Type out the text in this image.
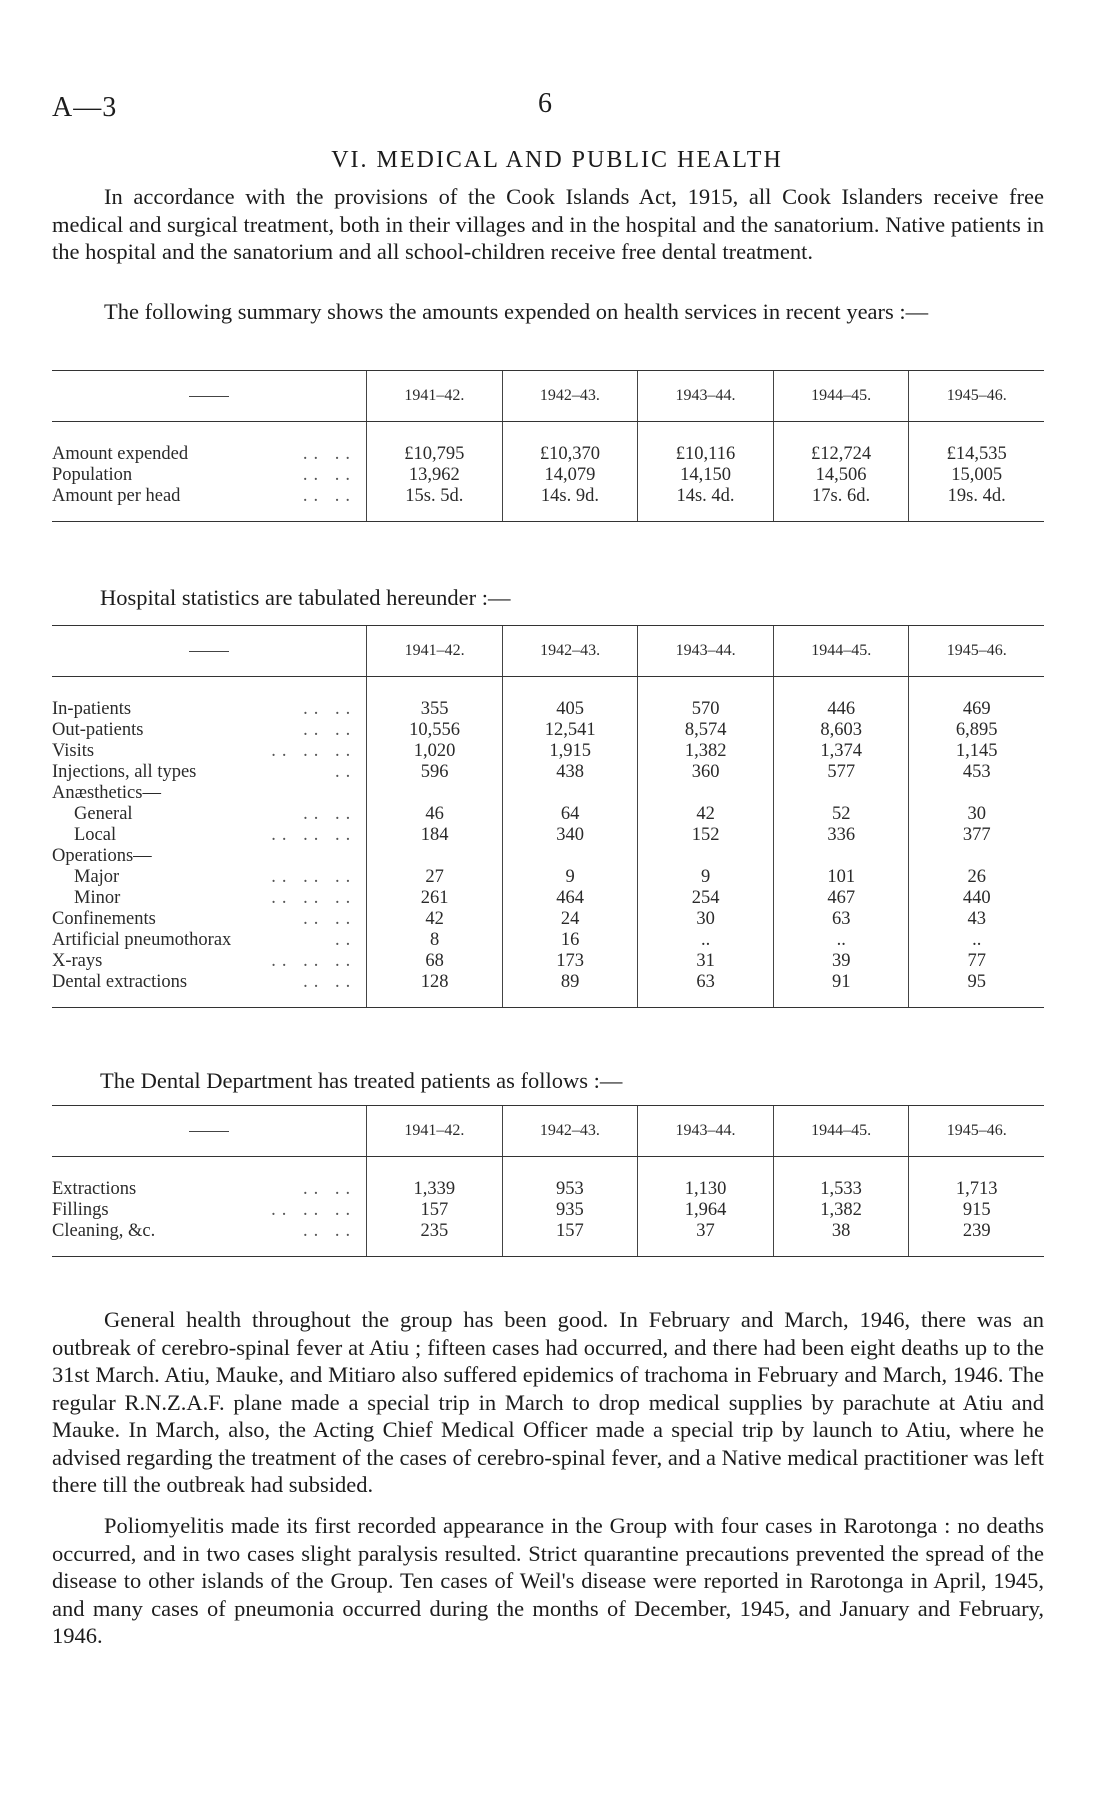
A—3	6
VI. MEDICAL AND PUBLIC HEALTH

In accordance with the provisions of the Cook Islands Act, 1915, all Cook Islanders receive free medical and surgical treatment, both in their villages and in the hospital and the sanatorium. Native patients in the hospital and the sanatorium and all school-children receive free dental treatment.

The following summary shows the amounts expended on health services in recent years :—

	1941–42.	1942–43.	1943–44.	1944–45.	1945–46.

.. ..
Amount expended	£10,795	£10,370	£10,116	£12,724	£14,535

.. ..
Population	13,962	14,079	14,150	14,506	15,005

.. ..
Amount per head	15s. 5d.	14s. 9d.	14s. 4d.	17s. 6d.	19s. 4d.

Hospital statistics are tabulated hereunder :—

	1941–42.	1942–43.	1943–44.	1944–45.	1945–46.

.. ..
In-patients	355	405	570	446	469

.. ..
Out-patients	10,556	12,541	8,574	8,603	6,895

.. .. ..
Visits	1,020	1,915	1,382	1,374	1,145

..
Injections, all types	596	438	360	577	453

Anæsthetics—					

.. ..
General	46	64	42	52	30

.. .. ..
Local	184	340	152	336	377

Operations—					

.. .. ..
Major	27	9	9	101	26

.. .. ..
Minor	261	464	254	467	440

.. ..
Confinements	42	24	30	63	43

..
Artificial pneumothorax	8	16	..	..	..

.. .. ..
X-rays	68	173	31	39	77

.. ..
Dental extractions	128	89	63	91	95

The Dental Department has treated patients as follows :—

	1941–42.	1942–43.	1943–44.	1944–45.	1945–46.

.. ..
Extractions	1,339	953	1,130	1,533	1,713

.. .. ..
Fillings	157	935	1,964	1,382	915

.. ..
Cleaning, &c.	235	157	37	38	239

General health throughout the group has been good. In February and March, 1946, there was an outbreak of cerebro-spinal fever at Atiu ; fifteen cases had occurred, and there had been eight deaths up to the 31st March. Atiu, Mauke, and Mitiaro also suffered epidemics of trachoma in February and March, 1946. The regular R.N.Z.A.F. plane made a special trip in March to drop medical supplies by parachute at Atiu and Mauke. In March, also, the Acting Chief Medical Officer made a special trip by launch to Atiu, where he advised regarding the treatment of the cases of cerebro-spinal fever, and a Native medical practitioner was left there till the outbreak had subsided.

Poliomyelitis made its first recorded appearance in the Group with four cases in Rarotonga : no deaths occurred, and in two cases slight paralysis resulted. Strict quarantine precautions prevented the spread of the disease to other islands of the Group. Ten cases of Weil's disease were reported in Rarotonga in April, 1945, and many cases of pneumonia occurred during the months of December, 1945, and January and February, 1946.
